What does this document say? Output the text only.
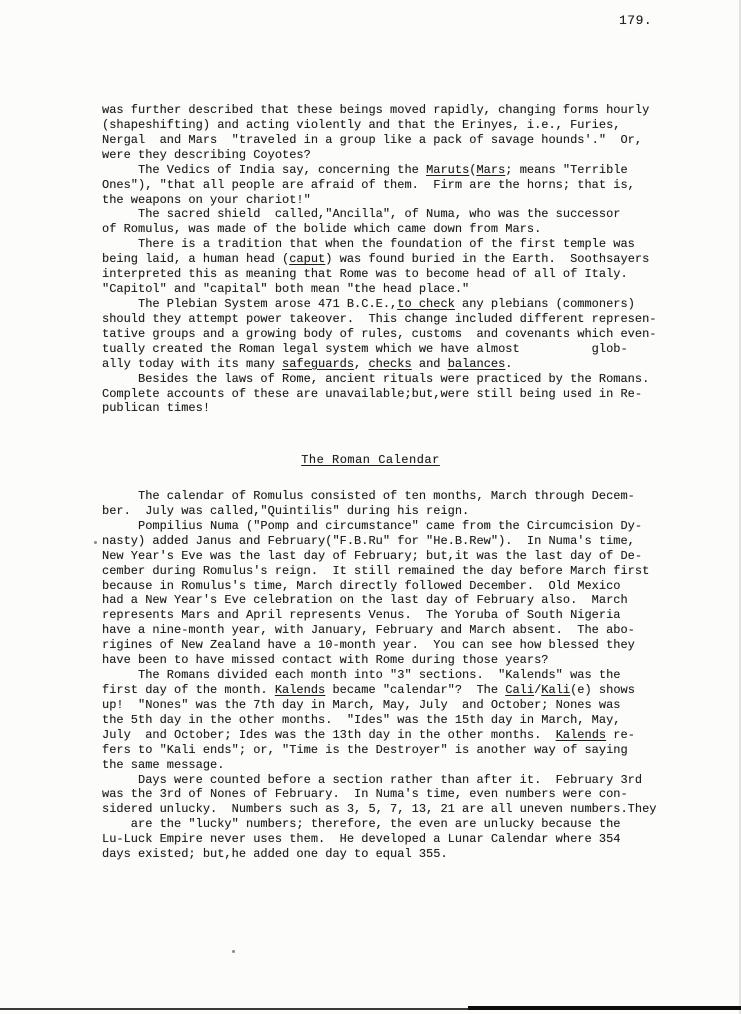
179.
was further described that these beings moved rapidly, changing forms hourly
(shapeshifting) and acting violently and that the Erinyes, i.e., Furies,
Nergal  and Mars  "traveled in a group like a pack of savage hounds'."  Or,
were they describing Coyotes?
The Vedics of India say, concerning the Maruts(Mars; means "Terrible
Ones"), "that all people are afraid of them.  Firm are the horns; that is,
the weapons on your chariot!"
The sacred shield  called,"Ancilla", of Numa, who was the successor
of Romulus, was made of the bolide which came down from Mars.
There is a tradition that when the foundation of the first temple was
being laid, a human head (caput) was found buried in the Earth.  Soothsayers
interpreted this as meaning that Rome was to become head of all of Italy.
"Capitol" and "capital" both mean "the head place."
The Plebian System arose 471 B.C.E.,to check any plebians (commoners)
should they attempt power takeover.  This change included different represen-
tative groups and a growing body of rules, customs  and covenants which even-
tually created the Roman legal system which we have almost          glob-
ally today with its many safeguards, checks and balances.
Besides the laws of Rome, ancient rituals were practiced by the Romans.
Complete accounts of these are unavailable;but,were still being used in Re-
publican times!
The Roman Calendar
The calendar of Romulus consisted of ten months, March through Decem-
ber.  July was called,"Quintilis" during his reign.
Pompilius Numa ("Pomp and circumstance" came from the Circumcision Dy-
nasty) added Janus and February("F.B.Ru" for "He.B.Rew").  In Numa's time,
New Year's Eve was the last day of February; but,it was the last day of De-
cember during Romulus's reign.  It still remained the day before March first
because in Romulus's time, March directly followed December.  Old Mexico
had a New Year's Eve celebration on the last day of February also.  March
represents Mars and April represents Venus.  The Yoruba of South Nigeria
have a nine-month year, with January, February and March absent.  The abo-
rigines of New Zealand have a 10-month year.  You can see how blessed they
have been to have missed contact with Rome during those years?
The Romans divided each month into "3" sections.  "Kalends" was the
first day of the month. Kalends became "calendar"?  The Cali/Kali(e) shows
up!  "Nones" was the 7th day in March, May, July  and October; Nones was
the 5th day in the other months.  "Ides" was the 15th day in March, May,
July  and October; Ides was the 13th day in the other months.  Kalends re-
fers to "Kali ends"; or, "Time is the Destroyer" is another way of saying
the same message.
Days were counted before a section rather than after it.  February 3rd
was the 3rd of Nones of February.  In Numa's time, even numbers were con-
sidered unlucky.  Numbers such as 3, 5, 7, 13, 21 are all uneven numbers.They
are the "lucky" numbers; therefore, the even are unlucky because the
Lu-Luck Empire never uses them.  He developed a Lunar Calendar where 354
days existed; but,he added one day to equal 355.
